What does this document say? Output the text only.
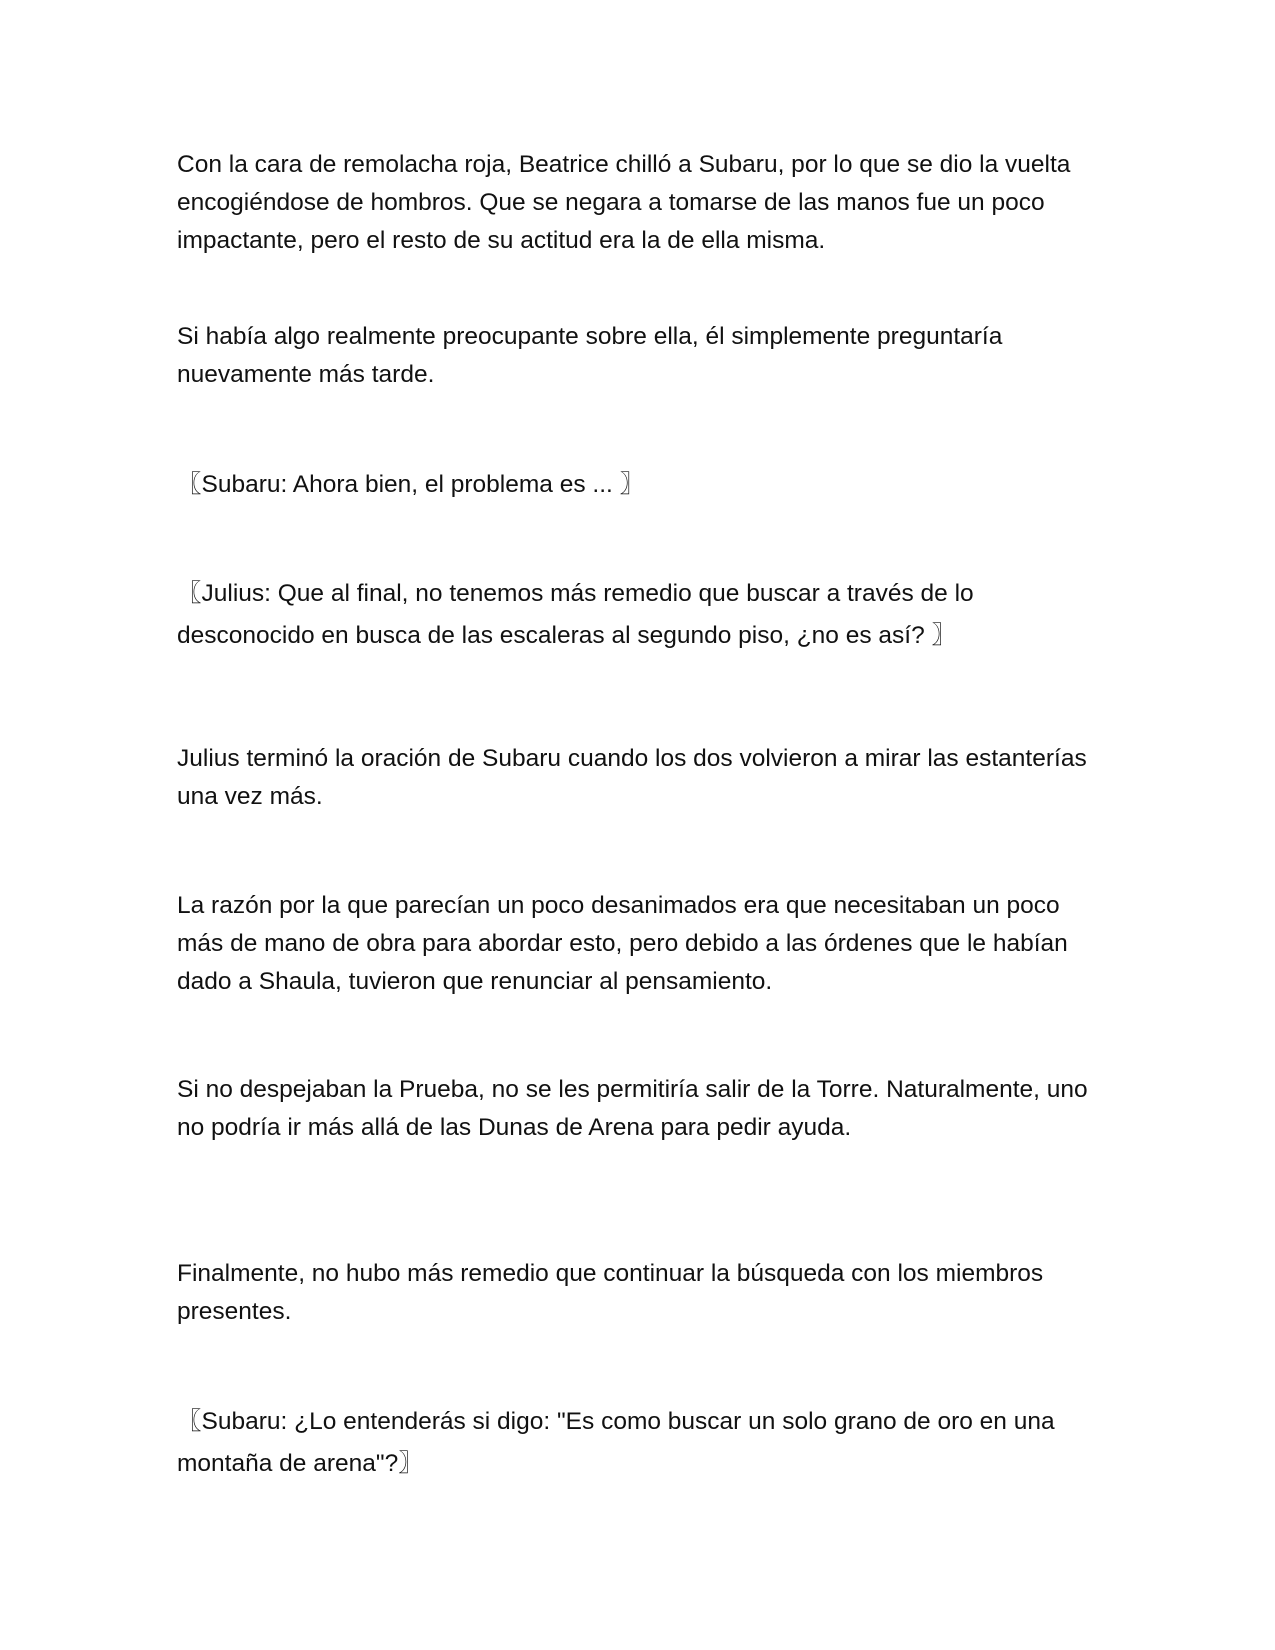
Con la cara de remolacha roja, Beatrice chilló a Subaru, por lo que se dio la vuelta encogiéndose de hombros. Que se negara a tomarse de las manos fue un poco impactante, pero el resto de su actitud era la de ella misma.

Si había algo realmente preocupante sobre ella, él simplemente preguntaría nuevamente más tarde.

〖Subaru: Ahora bien, el problema es ... 〗

〖Julius: Que al final, no tenemos más remedio que buscar a través de lo desconocido en busca de las escaleras al segundo piso, ¿no es así? 〗

Julius terminó la oración de Subaru cuando los dos volvieron a mirar las estanterías una vez más.

La razón por la que parecían un poco desanimados era que necesitaban un poco más de mano de obra para abordar esto, pero debido a las órdenes que le habían dado a Shaula, tuvieron que renunciar al pensamiento.

Si no despejaban la Prueba, no se les permitiría salir de la Torre. Naturalmente, uno no podría ir más allá de las Dunas de Arena para pedir ayuda.

Finalmente, no hubo más remedio que continuar la búsqueda con los miembros presentes.

〖Subaru: ¿Lo entenderás si digo: "Es como buscar un solo grano de oro en una montaña de arena"?〗
